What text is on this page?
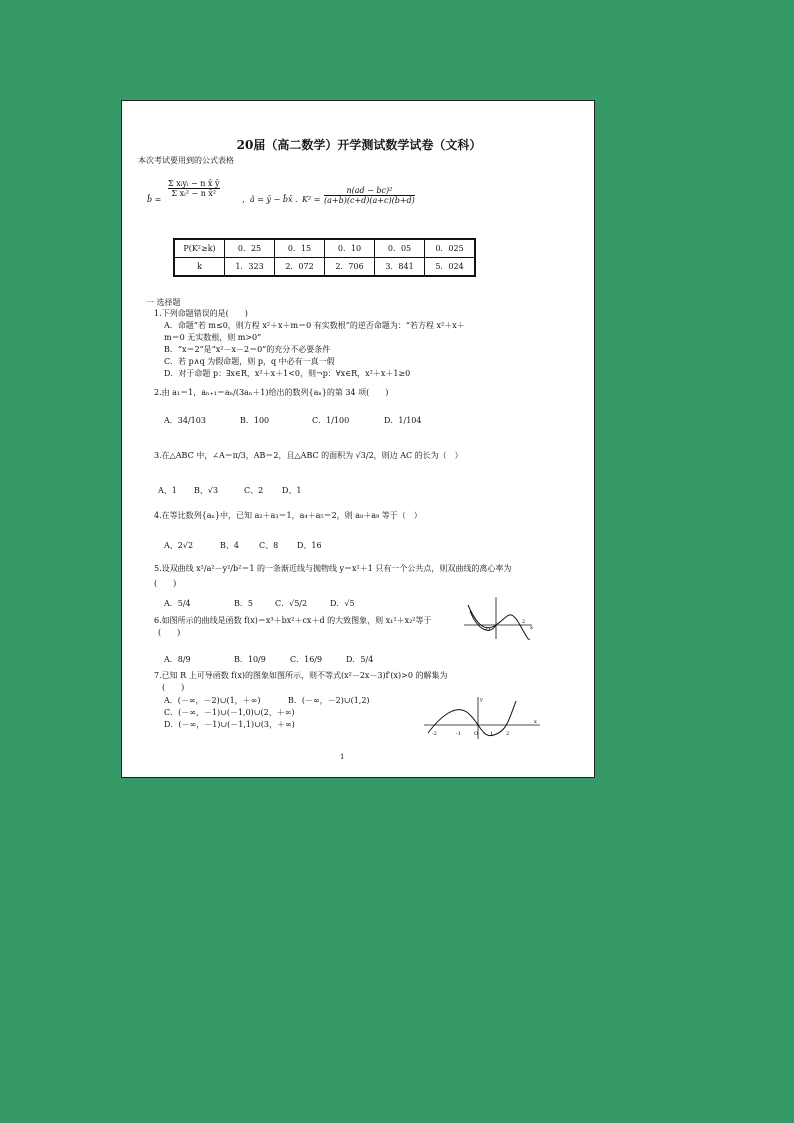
20届（高二数学）开学测试数学试卷（文科）
本次考试要用到的公式表格
b̂ =
$\frac{\text{Σ xᵢyᵢ − n x̄ ȳ}}{\text{Σ xᵢ² − n x̄²}}$
，â = ȳ − b̂x̄ ．
$K^2 = \frac{\text{n(ad − bc)²}}{(a+b)(c+d)(a+c)(b+d)}$
P(K²≥k)	0．25	0．15	0．10	0．05	0．025
k	1．323	2．072	2．706	3．841	5．024
一 选择题
1.下列命题错误的是(　　)
A．命题“若 m≤0，则方程 x²＋x＋m＝0 有实数根”的逆否命题为：“若方程 x²＋x＋
m＝0 无实数根，则 m>0”
B．“x＝2”是“x²－x－2＝0”的充分不必要条件
C．若 p∧q 为假命题，则 p，q 中必有一真一假
D．对于命题 p：∃x∈R，x²＋x＋1<0，则¬p：∀x∈R，x²＋x＋1≥0
2.由 a₁＝1，aₙ₊₁＝aₙ/(3aₙ＋1)给出的数列{aₙ}的第 34 项(　　)
A．34/103	B．100	C．1/100	D．1/104
3.在△ABC 中，∠A＝π/3，AB＝2，且△ABC 的面积为 √3/2，则边 AC 的长为（　）
A、1 B、√3	C、2 D、1
4.在等比数列{aₙ}中，已知 a₂＋a₃＝1，a₄＋a₅＝2，则 a₈＋a₉ 等于（　）
A、2√2	B、4	C、8 D、16
5.设双曲线 x²/a²－y²/b²＝1 的一条渐近线与抛物线 y＝x²＋1 只有一个公共点，则双曲线的离心率为
(　　)
A．5/4	B．5	C．√5/2	D．√5
6.如图所示的曲线是函数 f(x)＝x³＋bx²＋cx＋d 的大致图象，则 x₁²＋x₂²等于
(　　)
A．8/9	B．10/9	C．16/9	D．5/4
2
O	x
7.已知 R 上可导函数 f(x)的图象如图所示，则不等式(x²－2x－3)f′(x)>0 的解集为
(　　)
A．(－∞，－2)∪(1，＋∞)	B．(－∞，－2)∪(1,2)
C．(－∞，－1)∪(－1,0)∪(2，＋∞)
D．(－∞，－1)∪(－1,1)∪(3，＋∞)
-2	-1	O 1	2
x
y
1
